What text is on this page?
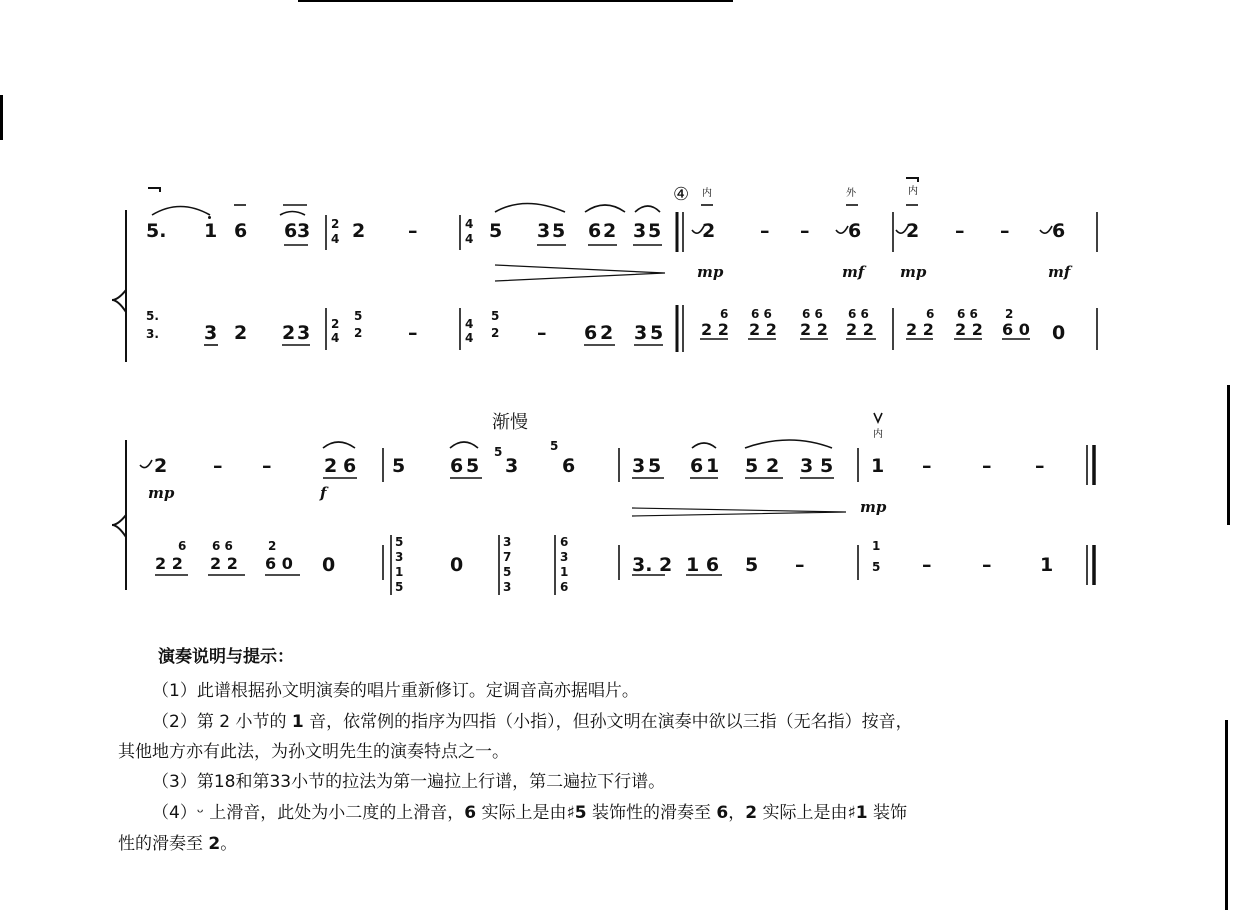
5. 1 6 6 3 2
4 2 –	4
4 5 3 5 6 2 3 5 2 – – 6 2 – – 6
④ 内	外	内
mp	mf mp	mf
5.
3. 3 2 2 3 2
4
5
2 –	4
4
5
2 – 6 2 3 5
6
2 2
6 6
2 2
6 6
2 2
6 6
2 2
6
2 2
6 6
2 2
2
6 0 0
渐慢
内
2 – –	2 6 5 6 5
5
3
5
6	3 5 6 1 5 2 3 5 1 –	– –
mp	f
mp
6
2 2
6 6
2 2
2
6 0 0
5
3
1
5
0
3
7
5
3
6
3
1
6
3. 2 1 6 5 –
1
5 –	–	1
演奏说明与提示：
（1）此谱根据孙文明演奏的唱片重新修订。定调音高亦据唱片。
（2）第 2 小节的 1 音，依常例的指序为四指（小指），但孙文明在演奏中欲以三指（无名指）按音，
其他地方亦有此法，为孙文明先生的演奏特点之一。
（3）第18和第33小节的拉法为第一遍拉上行谱，第二遍拉下行谱。
（4）ᵕ 上滑音，此处为小二度的上滑音，6 实际上是由♯5 装饰性的滑奏至 6，2 实际上是由♯1 装饰
性的滑奏至 2。
